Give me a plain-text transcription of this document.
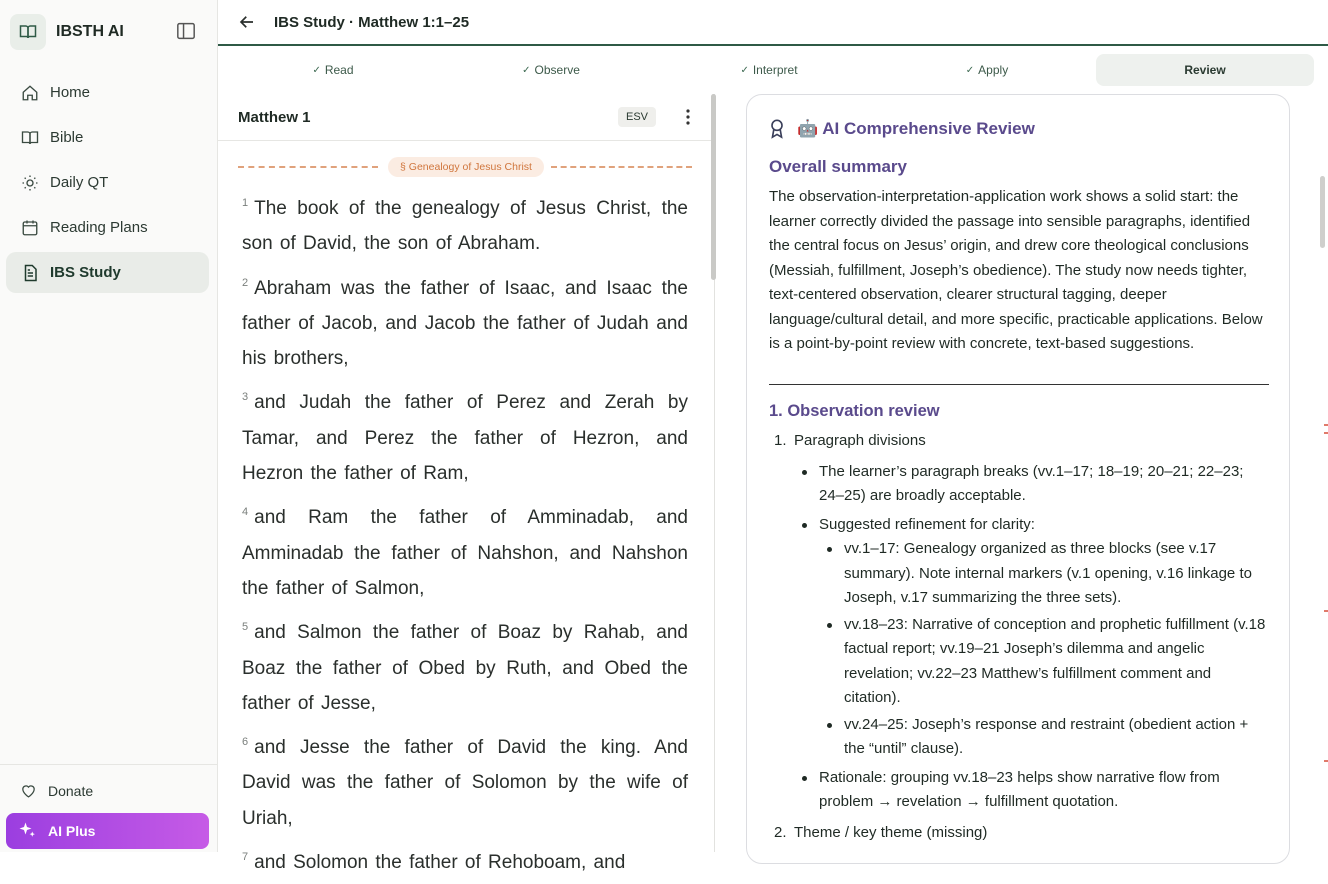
IBSTH AI
Home
Bible
Daily QT
Reading Plans
IBS Study
Donate
AI Plus
IBS Study · Matthew 1:1–25
✓ Read	✓ Observe	✓ Interpret	✓ Apply	Review
Matthew 1	ESV
§ Genealogy of Jesus Christ

$^1$ The book of the genealogy of Jesus Christ, the son of David, the son of Abraham.

$^2$ Abraham was the father of Isaac, and Isaac the father of Jacob, and Jacob the father of Judah and his brothers,

$^3$ and Judah the father of Perez and Zerah by Tamar, and Perez the father of Hezron, and Hezron the father of Ram,

$^4$ and Ram the father of Amminadab, and Amminadab the father of Nahshon, and Nahshon the father of Salmon,

$^5$ and Salmon the father of Boaz by Rahab, and Boaz the father of Obed by Ruth, and Obed the father of Jesse,

$^6$ and Jesse the father of David the king. And David was the father of Solomon by the wife of Uriah,

$^7$ and Solomon the father of Rehoboam, and

🤖 AI Comprehensive Review
Overall summary

The observation-interpretation-application work shows a solid start: the learner correctly divided the passage into sensible paragraphs, identified the central focus on Jesus’ origin, and drew core theological conclusions (Messiah, fulfillment, Joseph’s obedience). The study now needs tighter, text-centered observation, clearer structural tagging, deeper language/cultural detail, and more specific, practicable applications. Below is a point-by-point review with concrete, text-based suggestions.

1. Observation review
1. Paragraph divisions
The learner’s paragraph breaks (vv.1–17; 18–19; 20–21; 22–23; 24–25) are broadly acceptable.
Suggested refinement for clarity:
vv.1–17: Genealogy organized as three blocks (see v.17 summary). Note internal markers (v.1 opening, v.16 linkage to Joseph, v.17 summarizing the three sets).
vv.18–23: Narrative of conception and prophetic fulfillment (v.18 factual report; vv.19–21 Joseph’s dilemma and angelic revelation; vv.22–23 Matthew’s fulfillment comment and citation).
vv.24–25: Joseph’s response and restraint (obedient action + the “until” clause).
Rationale: grouping vv.18–23 helps show narrative flow from problem → revelation → fulfillment quotation.
2. Theme / key theme (missing)
